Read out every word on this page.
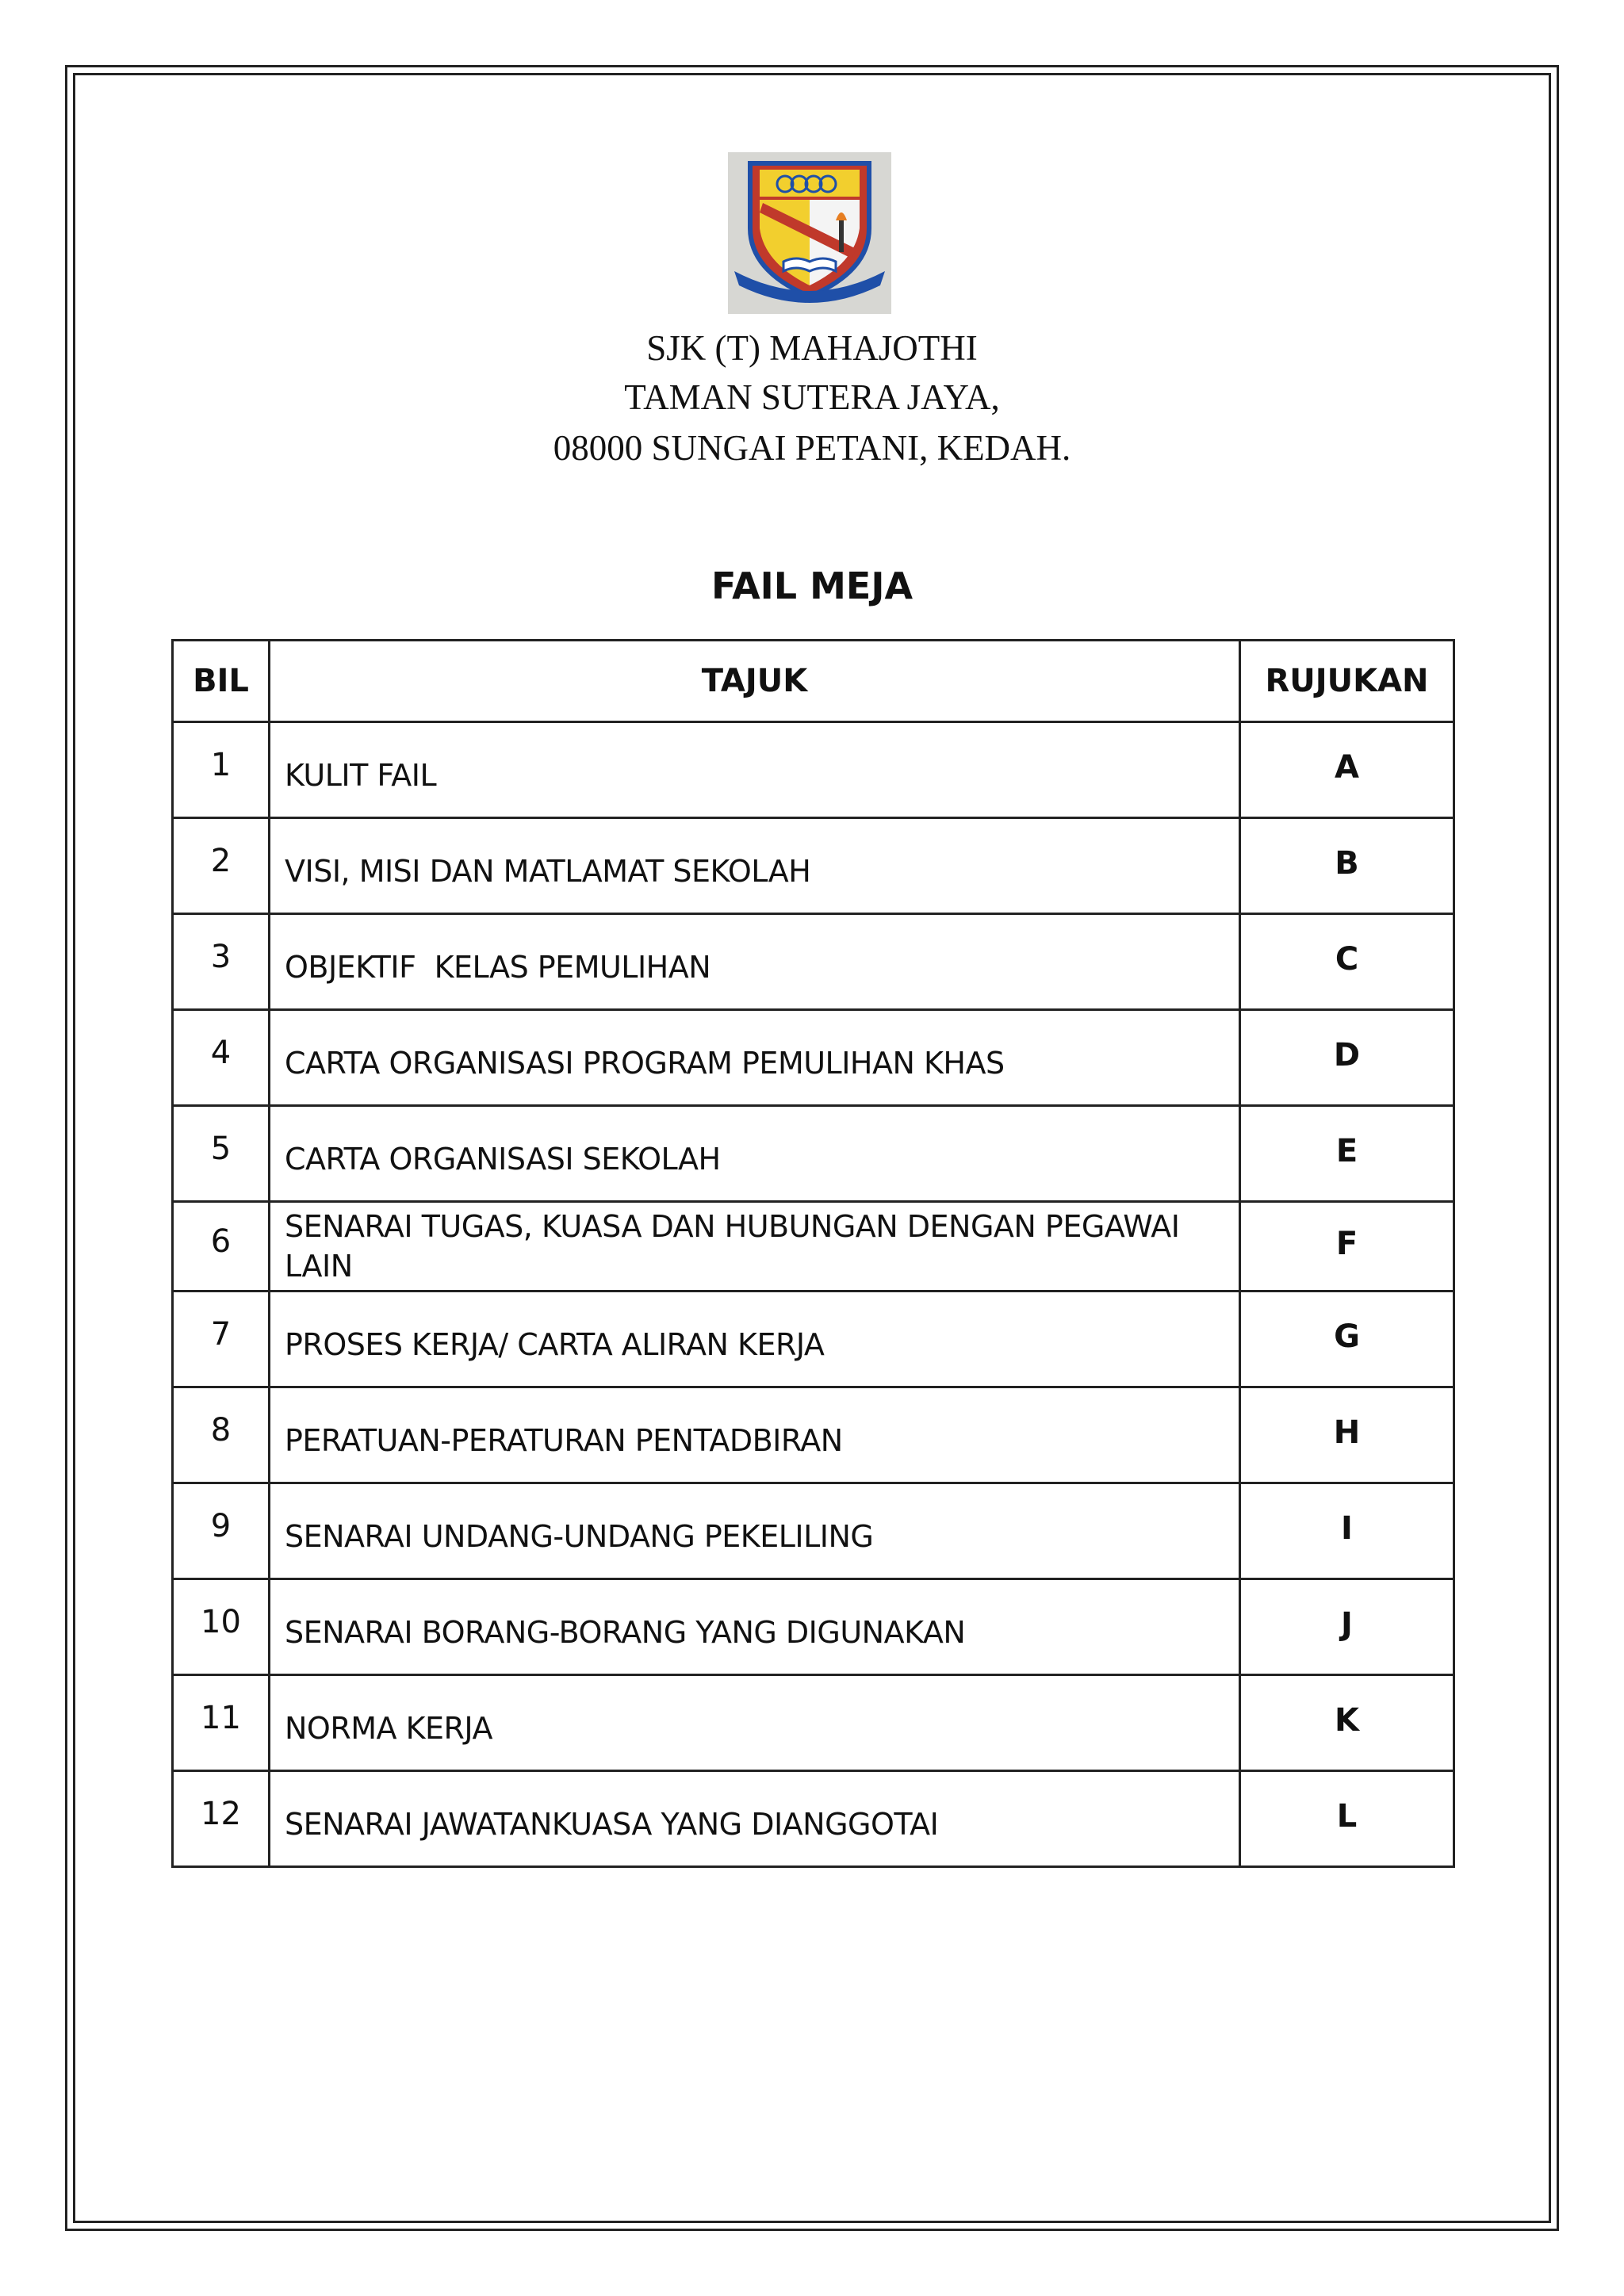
SJK (T) MAHAJOTHI

TAMAN SUTERA JAYA,

08000 SUNGAI PETANI, KEDAH.

FAIL MEJA
BIL	TAJUK	RUJUKAN
1	KULIT FAIL	A
2	VISI, MISI DAN MATLAMAT SEKOLAH	B
3	OBJEKTIF  KELAS PEMULIHAN	C
4	CARTA ORGANISASI PROGRAM PEMULIHAN KHAS	D
5	CARTA ORGANISASI SEKOLAH	E
6	SENARAI TUGAS, KUASA DAN HUBUNGAN DENGAN PEGAWAI LAIN	F
7	PROSES KERJA/ CARTA ALIRAN KERJA	G
8	PERATUAN-PERATURAN PENTADBIRAN	H
9	SENARAI UNDANG-UNDANG PEKELILING	I
10	SENARAI BORANG-BORANG YANG DIGUNAKAN	J
11	NORMA KERJA	K
12	SENARAI JAWATANKUASA YANG DIANGGOTAI	L
